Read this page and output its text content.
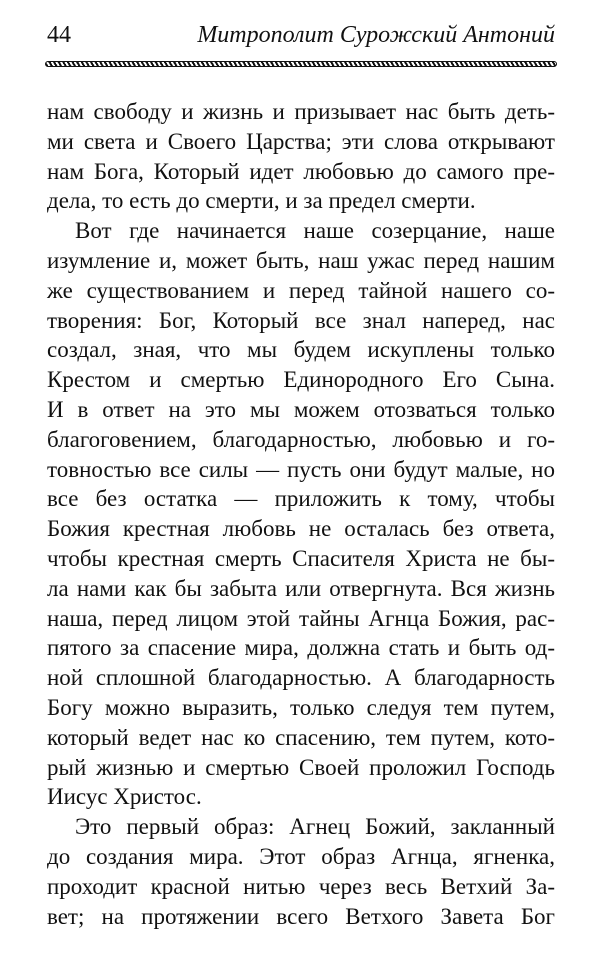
44	Митрополит Сурожский Антоний
нам свободу и жизнь и призывает нас быть деть-
ми света и Своего Царства; эти слова открывают
нам Бога, Который идет любовью до самого пре-
дела, то есть до смерти, и за предел смерти.
Вот где начинается наше созерцание, наше
изумление и, может быть, наш ужас перед нашим
же существованием и перед тайной нашего со-
творения: Бог, Который все знал наперед, нас
создал, зная, что мы будем искуплены только
Крестом и смертью Единородного Его Сына.
И в ответ на это мы можем отозваться только
благоговением, благодарностью, любовью и го-
товностью все силы — пусть они будут малые, но
все без остатка — приложить к тому, чтобы
Божия крестная любовь не осталась без ответа,
чтобы крестная смерть Спасителя Христа не бы-
ла нами как бы забыта или отвергнута. Вся жизнь
наша, перед лицом этой тайны Агнца Божия, рас-
пятого за спасение мира, должна стать и быть од-
ной сплошной благодарностью. А благодарность
Богу можно выразить, только следуя тем путем,
который ведет нас ко спасению, тем путем, кото-
рый жизнью и смертью Своей проложил Господь
Иисус Христос.
Это первый образ: Агнец Божий, закланный
до создания мира. Этот образ Агнца, ягненка,
проходит красной нитью через весь Ветхий За-
вет; на протяжении всего Ветхого Завета Бог
